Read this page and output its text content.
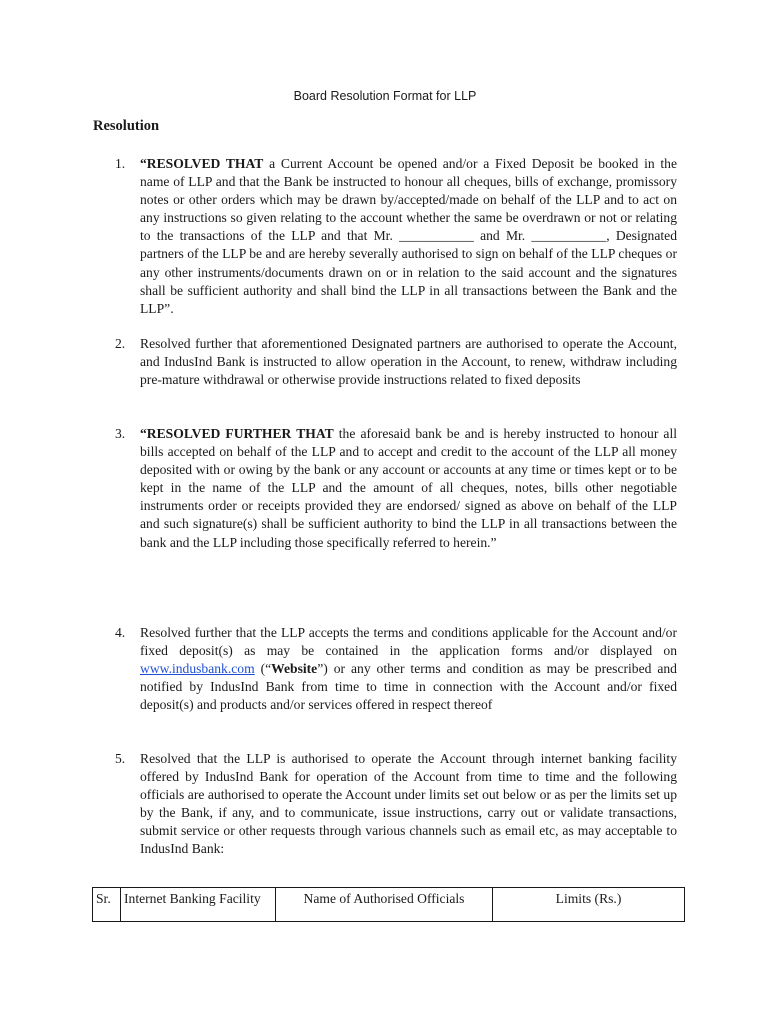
Board Resolution Format for LLP
Resolution
1.	“RESOLVED THAT a Current Account be opened and/or a Fixed Deposit be booked in the name of LLP and that the Bank be instructed to honour all cheques, bills of exchange, promissory notes or other orders which may be drawn by/accepted/made on behalf of the LLP and to act on any instructions so given relating to the account whether the same be overdrawn or not or relating to the transactions of the LLP and that Mr. ___________ and Mr. ___________, Designated partners of the LLP be and are hereby severally authorised to sign on behalf of the LLP cheques or any other instruments/documents drawn on or in relation to the said account and the signatures shall be sufficient authority and shall bind the LLP in all transactions between the Bank and the LLP”.
2.	Resolved further that aforementioned Designated partners are authorised to operate the Account, and IndusInd Bank is instructed to allow operation in the Account, to renew, withdraw including pre-mature withdrawal or otherwise provide instructions related to fixed deposits
3.	“RESOLVED FURTHER THAT the aforesaid bank be and is hereby instructed to honour all bills accepted on behalf of the LLP and to accept and credit to the account of the LLP all money deposited with or owing by the bank or any account or accounts at any time or times kept or to be kept in the name of the LLP and the amount of all cheques, notes, bills other negotiable instruments order or receipts provided they are endorsed/ signed as above on behalf of the LLP and such signature(s) shall be sufficient authority to bind the LLP in all transactions between the bank and the LLP including those specifically referred to herein.”
4.	Resolved further that the LLP accepts the terms and conditions applicable for the Account and/or fixed deposit(s) as may be contained in the application forms and/or displayed on www.indusbank.com (“Website”) or any other terms and condition as may be prescribed and notified by IndusInd Bank from time to time in connection with the Account and/or fixed deposit(s) and products and/or services offered in respect thereof
5.	Resolved that the LLP is authorised to operate the Account through internet banking facility offered by IndusInd Bank for operation of the Account from time to time and the following officials are authorised to operate the Account under limits set out below or as per the limits set up by the Bank, if any, and to communicate, issue instructions, carry out or validate transactions, submit service or other requests through various channels such as email etc, as may acceptable to IndusInd Bank:
Sr.	Internet Banking Facility	Name of Authorised Officials	Limits (Rs.)
